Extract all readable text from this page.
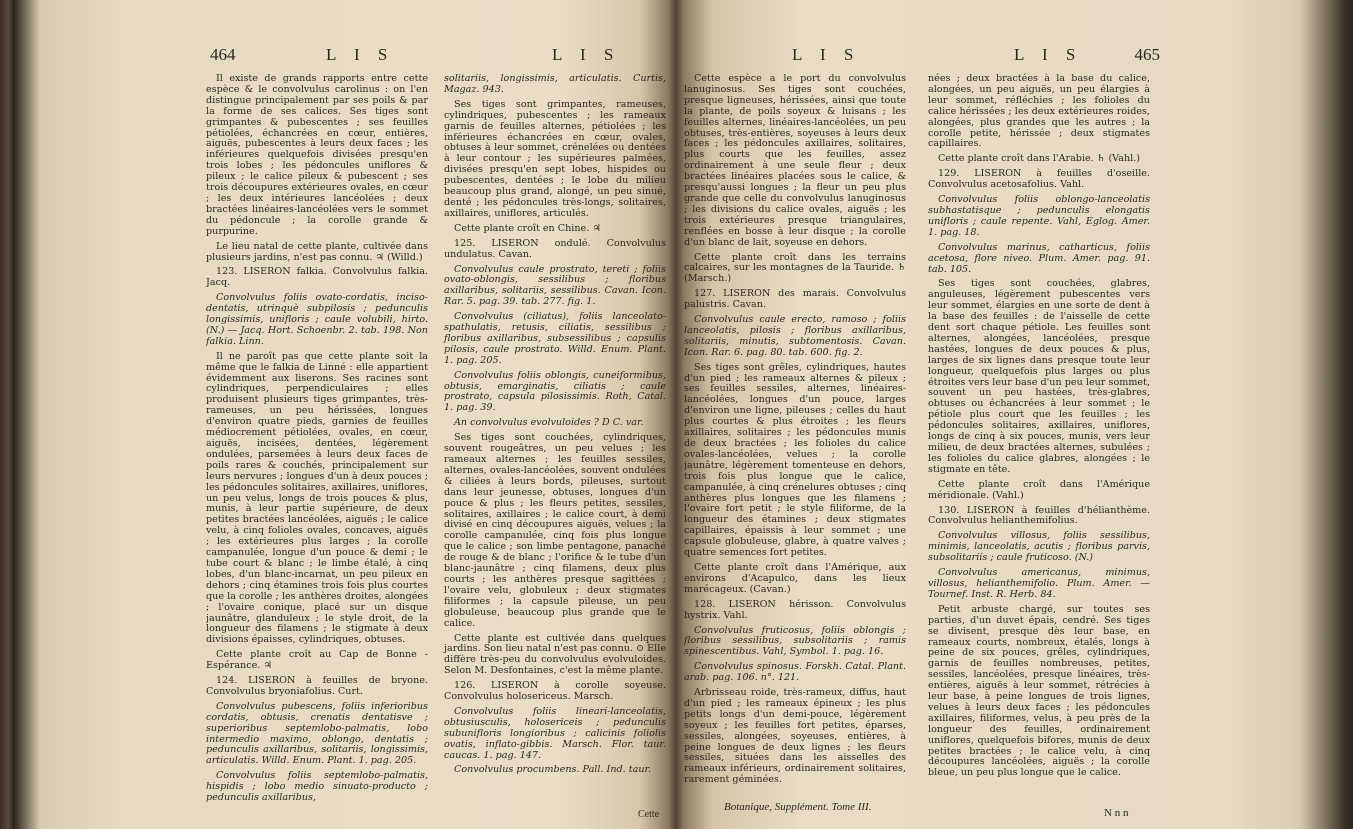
464	L I S	L I S

Il existe de grands rapports entre cette espèce & le convolvulus carolinus : on l'en distingue principalement par ses poils & par la forme de ses calices. Ses tiges sont grimpantes & pubescentes ; ses feuilles pétiolées, échancrées en cœur, entières, aiguës, pubescentes à leurs deux faces ; les inférieures quelquefois divisées presqu'en trois lobes ; les pédoncules uniflores & pileux ; le calice pileux & pubescent ; ses trois découpures extérieures ovales, en cœur ; les deux intérieures lancéolées ; deux bractées linéaires-lancéolées vers le sommet du pédoncule ; la corolle grande & purpurine.

Le lieu natal de cette plante, cultivée dans plusieurs jardins, n'est pas connu. ♃ (Willd.)

123. LISERON falkia. Convolvulus falkia. Jacq.

Convolvulus foliis ovato-cordatis, inciso-dentatis, utrinquè subpilosis ; pedunculis longissimis, unifloris ; caule volubili, hirto. (N.) — Jacq. Hort. Schoenbr. 2. tab. 198. Non falkia. Linn.

Il ne paroît pas que cette plante soit la même que le falkia de Linné : elle appartient évidemment aux liserons. Ses racines sont cylindriques, perpendiculaires ; elles produisent plusieurs tiges grimpantes, très-rameuses, un peu hérissées, longues d'environ quatre pieds, garnies de feuilles médiocrement pétiolées, ovales, en cœur, aiguës, incisées, dentées, légèrement ondulées, parsemées à leurs deux faces de poils rares & couchés, principalement sur leurs nervures ; longues d'un à deux pouces ; les pédoncules solitaires, axillaires, uniflores, un peu velus, longs de trois pouces & plus, munis, à leur partie supérieure, de deux petites bractées lancéolées, aiguës ; le calice velu, à cinq folioles ovales, concaves, aiguës ; les extérieures plus larges ; la corolle campanulée, longue d'un pouce & demi ; le tube court & blanc ; le limbe étalé, à cinq lobes, d'un blanc-incarnat, un peu pileux en dehors ; cinq étamines trois fois plus courtes que la corolle ; les anthères droites, alongées ; l'ovaire conique, placé sur un disque jaunâtre, glanduleux ; le style droit, de la longueur des filamens ; le stigmate à deux divisions épaisses, cylindriques, obtuses.

Cette plante croît au Cap de Bonne - Espérance. ♃

124. LISERON à feuilles de bryone. Convolvulus bryoniafolius. Curt.

Convolvulus pubescens, foliis inferioribus cordatis, obtusis, crenatis dentatisve ; superioribus septemlobo-palmatis, lobo intermedio maximo, oblongo, dentatis ; pedunculis axillaribus, solitariis, longissimis, articulatis. Willd. Enum. Plant. 1. pag. 205.

Convolvulus foliis septemlobo-palmatis, hispidis ; lobo medio sinuato-producto ; pedunculis axillaribus,

solitariis, longissimis, articulatis. Curtis, Magaz. 943.

Ses tiges sont grimpantes, rameuses, cylindriques, pubescentes ; les rameaux garnis de feuilles alternes, pétiolées ; les inférieures échancrées en cœur, ovales, obtuses à leur sommet, crénelées ou dentées à leur contour ; les supérieures palmées, divisées presqu'en sept lobes, hispides ou pubescentes, dentées ; le lobe du milieu beaucoup plus grand, alongé, un peu sinué, denté ; les pédoncules très-longs, solitaires, axillaires, uniflores, articulés.

Cette plante croît en Chine. ♃

125. LISERON ondulé. Convolvulus undulatus. Cavan.

Convolvulus caule prostrato, tereti ; foliis ovato-oblongis, sessilibus ; floribus axillaribus, solitariis, sessilibus. Cavan. Icon. Rar. 5. pag. 39. tab. 277. fig. 1.

Convolvulus (ciliatus), foliis lanceolato-spathulatis, retusis, ciliatis, sessilibus ; floribus axillaribus, subsessilibus ; capsulis pilosis, caule prostrato. Willd. Enum. Plant. 1. pag. 205.

Convolvulus foliis oblongis, cuneiformibus, obtusis, emarginatis, ciliatis ; caule prostrato, capsula pilosissimis. Roth, Catal. 1. pag. 39.

An convolvulus evolvuloides ? D C. var.

Ses tiges sont couchées, cylindriques, souvent rougeâtres, un peu velues ; les rameaux alternes ; les feuilles sessiles, alternes, ovales-lancéolées, souvent ondulées & ciliées à leurs bords, pileuses, surtout dans leur jeunesse, obtuses, longues d'un pouce & plus ; les fleurs petites, sessiles, solitaires, axillaires ; le calice court, à demi divisé en cinq découpures aiguës, velues ; la corolle campanulée, cinq fois plus longue que le calice ; son limbe pentagone, panaché de rouge & de blanc ; l'orifice & le tube d'un blanc-jaunâtre ; cinq filamens, deux plus courts ; les anthères presque sagittées ; l'ovaire velu, globuleux ; deux stigmates filiformes ; la capsule pileuse, un peu globuleuse, beaucoup plus grande que le calice.

Cette plante est cultivée dans quelques jardins. Son lieu natal n'est pas connu. ⊙ Elle diffère très-peu du convolvulus evolvuloides. Selon M. Desfontaines, c'est la même plante.

126. LISERON à corolle soyeuse. Convolvulus holosericeus. Marsch.

Convolvulus foliis lineari-lanceolatis, obtusiusculis, holosericeis ; pedunculis subunifloris longioribus ; calicinis foliolis ovatis, inflato-gibbis. Marsch. Flor. taur. caucas. 1. pag. 147.

Convolvulus procumbens. Pall. Ind. taur.

Cette
L I S	L I S	465

Cette espèce a le port du convolvulus lanuginosus. Ses tiges sont couchées, presque ligneuses, hérissées, ainsi que toute la plante, de poils soyeux & luisans ; les feuilles alternes, linéaires-lancéolées, un peu obtuses, très-entières, soyeuses à leurs deux faces ; les pédoncules axillaires, solitaires, plus courts que les feuilles, assez ordinairement à une seule fleur ; deux bractées linéaires placées sous le calice, & presqu'aussi longues ; la fleur un peu plus grande que celle du convolvulus lanuginosus ; les divisions du calice ovales, aiguës ; les trois extérieures presque triangulaires, renflées en bosse à leur disque ; la corolle d'un blanc de lait, soyeuse en dehors.

Cette plante croît dans les terrains calcaires, sur les montagnes de la Tauride. ♄ (Marsch.)

127. LISERON des marais. Convolvulus palustris. Cavan.

Convolvulus caule erecto, ramoso ; foliis lanceolatis, pilosis ; floribus axillaribus, solitariis, minutis, subtomentosis. Cavan. Icon. Rar. 6. pag. 80. tab. 600. fig. 2.

Ses tiges sont grêles, cylindriques, hautes d'un pied ; les rameaux alternes & pileux ; ses feuilles sessiles, alternes, linéaires-lancéolées, longues d'un pouce, larges d'environ une ligne, pileuses ; celles du haut plus courtes & plus étroites ; les fleurs axillaires, solitaires ; les pédoncules munis de deux bractées ; les folioles du calice ovales-lancéolées, velues ; la corolle jaunâtre, légèrement tomenteuse en dehors, trois fois plus longue que le calice, campanulée, à cinq crénelures obtuses ; cinq anthères plus longues que les filamens ; l'ovaire fort petit ; le style filiforme, de la longueur des étamines ; deux stigmates capillaires, épaissis à leur sommet ; une capsule globuleuse, glabre, à quatre valves ; quatre semences fort petites.

Cette plante croît dans l'Amérique, aux environs d'Acapulco, dans les lieux marécageux. (Cavan.)

128. LISERON hérisson. Convolvulus hystrix. Vahl.

Convolvulus fruticosus, foliis oblongis ; floribus sessilibus, subsolitariis ; ramis spinescentibus. Vahl, Symbol. 1. pag. 16.

Convolvulus spinosus. Forskh. Catal. Plant. arab. pag. 106. n°. 121.

Arbrisseau roide, très-rameux, diffus, haut d'un pied ; les rameaux épineux ; les plus petits longs d'un demi-pouce, légèrement soyeux ; les feuilles fort petites, éparses, sessiles, alongées, soyeuses, entières, à peine longues de deux lignes ; les fleurs sessiles, situées dans les aisselles des rameaux inférieurs, ordinairement solitaires, rarement géminées.

nées ; deux bractées à la base du calice, alongées, un peu aiguës, un peu élargies à leur sommet, réfléchies ; les folioles du calice hérissées ; les deux extérieures roides, alongées, plus grandes que les autres ; la corolle petite, hérissée ; deux stigmates capillaires.

Cette plante croît dans l'Arabie. ♄ (Vahl.)

129. LISERON à feuilles d'oseille. Convolvulus acetosafolius. Vahl.

Convolvulus foliis oblongo-lanceolatis subhastatisque ; pedunculis elongatis unifloris ; caule repente. Vahl, Eglog. Amer. 1. pag. 18.

Convolvulus marinus, catharticus, foliis acetosa, flore niveo. Plum. Amer. pag. 91. tab. 105.

Ses tiges sont couchées, glabres, anguleuses, légèrement pubescentes vers leur sommet, élargies en une sorte de dent à la base des feuilles : de l'aisselle de cette dent sort chaque pétiole. Les feuilles sont alternes, alongées, lancéolées, presque hastées, longues de deux pouces & plus, larges de six lignes dans presque toute leur longueur, quelquefois plus larges ou plus étroites vers leur base d'un peu leur sommet, souvent un peu hastées, très-glabres, obtuses ou échancrées à leur sommet ; le pétiole plus court que les feuilles ; les pédoncules solitaires, axillaires, uniflores, longs de cinq à six pouces, munis, vers leur milieu, de deux bractées alternes, subulées ; les folioles du calice glabres, alongées ; le stigmate en tête.

Cette plante croît dans l'Amérique méridionale. (Vahl.)

130. LISERON à feuilles d'hélianthème. Convolvulus helianthemifolius.

Convolvulus villosus, foliis sessilibus, minimis, lanceolatis, acutis ; floribus parvis, subsolitariis ; caule fruticoso. (N.)

Convolvulus americanus, minimus, villosus, helianthemifolio. Plum. Amer. — Tournef. Inst. R. Herb. 84.

Petit arbuste chargé, sur toutes ses parties, d'un duvet épais, cendré. Ses tiges se divisent, presque dès leur base, en rameaux courts, nombreux, étalés, longs à peine de six pouces, grêles, cylindriques, garnis de feuilles nombreuses, petites, sessiles, lancéolées, presque linéaires, très-entières, aiguës à leur sommet, rétrécies à leur base, à peine longues de trois lignes, velues à leurs deux faces ; les pédoncules axillaires, filiformes, velus, à peu près de la longueur des feuilles, ordinairement uniflores, quelquefois bifores, munis de deux petites bractées ; le calice velu, à cinq découpures lancéolées, aiguës ; la corolle bleue, un peu plus longue que le calice.

Botanique, Supplément. Tome III.	N n n
